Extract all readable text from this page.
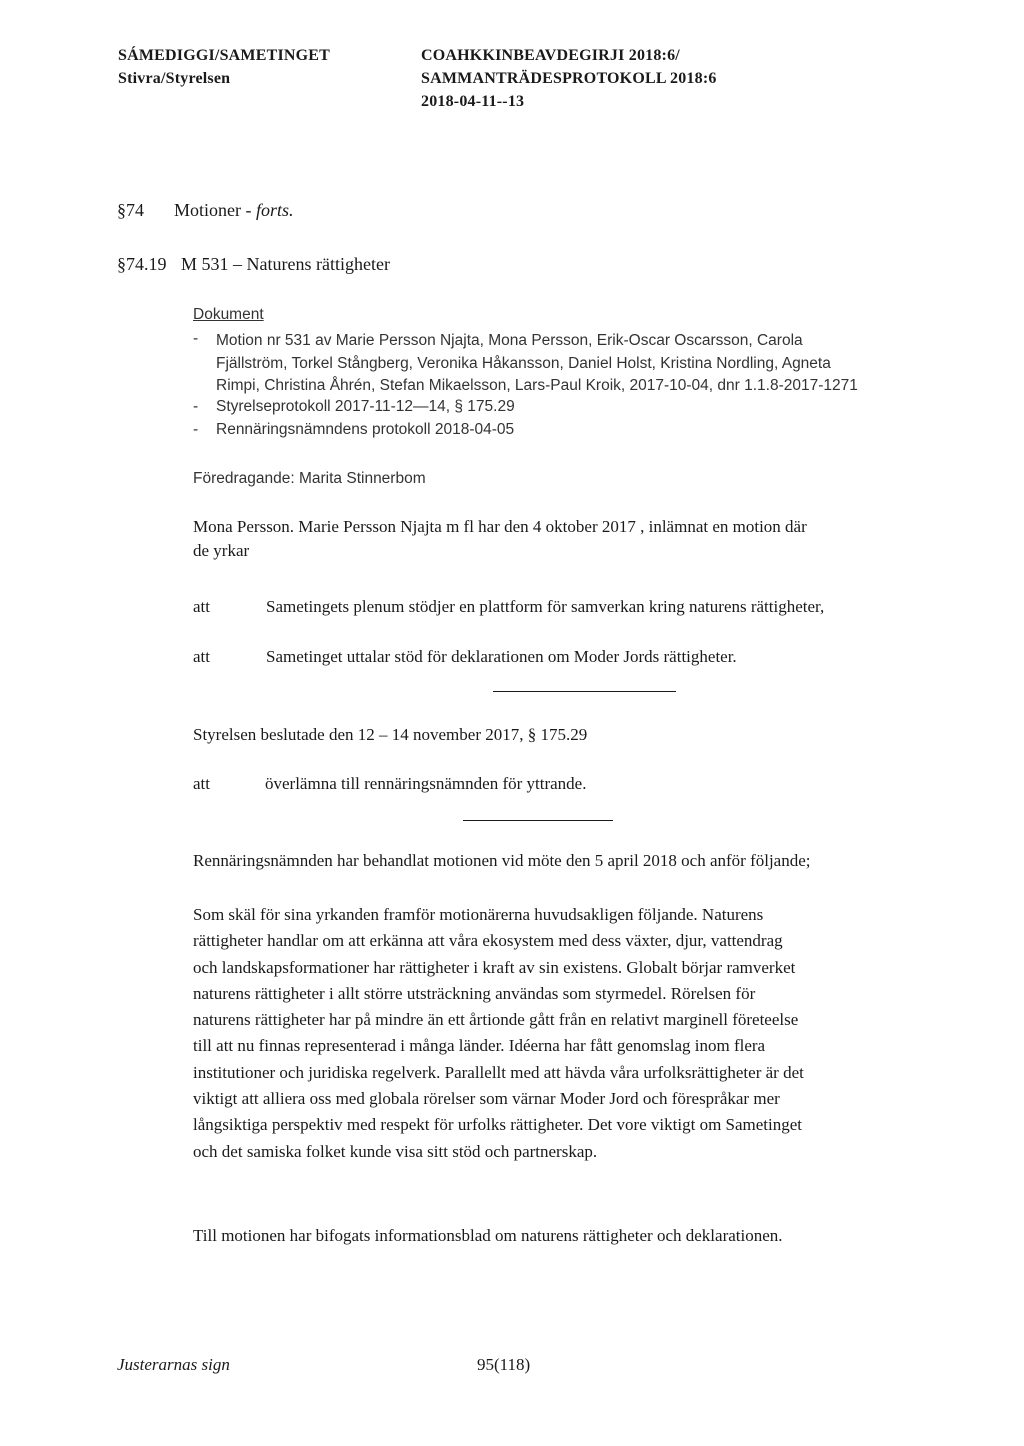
SÁMEDIGGI/SAMETINGET
Stivra/Styrelsen
COAHKKINBEAVDEGIRJI 2018:6/
SAMMANTRÄDESPROTOKOLL 2018:6
2018-04-11--13
§74 Motioner - forts.
§74.19 M 531 – Naturens rättigheter
Dokument
- Motion nr 531 av Marie Persson Njajta, Mona Persson, Erik-Oscar Oscarsson, Carola
Fjällström, Torkel Stångberg, Veronika Håkansson, Daniel Holst, Kristina Nordling, Agneta
Rimpi, Christina Åhrén, Stefan Mikaelsson, Lars-Paul Kroik, 2017-10-04, dnr 1.1.8-2017-1271
- Styrelseprotokoll 2017-11-12—14, § 175.29
- Rennäringsnämndens protokoll 2018-04-05
Föredragande: Marita Stinnerbom
Mona Persson. Marie Persson Njajta m fl har den 4 oktober 2017 , inlämnat en motion där
de yrkar
att	Sametingets plenum stödjer en plattform för samverkan kring naturens rättigheter,
att	Sametinget uttalar stöd för deklarationen om Moder Jords rättigheter.
Styrelsen beslutade den 12 – 14 november 2017, § 175.29
att	överlämna till rennäringsnämnden för yttrande.
Rennäringsnämnden har behandlat motionen vid möte den 5 april 2018 och anför följande;
Som skäl för sina yrkanden framför motionärerna huvudsakligen följande. Naturens
rättigheter handlar om att erkänna att våra ekosystem med dess växter, djur, vattendrag
och landskapsformationer har rättigheter i kraft av sin existens. Globalt börjar ramverket
naturens rättigheter i allt större utsträckning användas som styrmedel. Rörelsen för
naturens rättigheter har på mindre än ett årtionde gått från en relativt marginell företeelse
till att nu finnas representerad i många länder. Idéerna har fått genomslag inom flera
institutioner och juridiska regelverk. Parallellt med att hävda våra urfolksrättigheter är det
viktigt att alliera oss med globala rörelser som värnar Moder Jord och förespråkar mer
långsiktiga perspektiv med respekt för urfolks rättigheter. Det vore viktigt om Sametinget
och det samiska folket kunde visa sitt stöd och partnerskap.
Till motionen har bifogats informationsblad om naturens rättigheter och deklarationen.
Justerarnas sign	95(118)
